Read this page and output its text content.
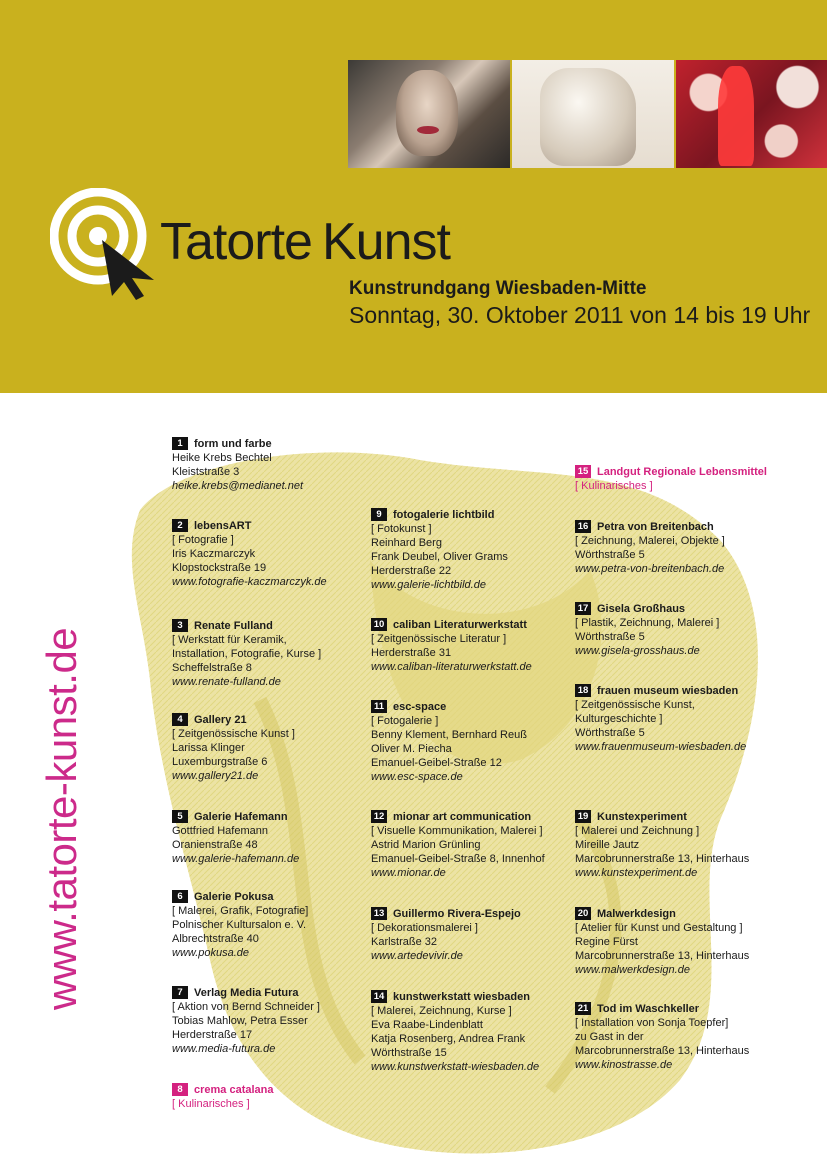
Tatorte Kunst
Kunstrundgang Wiesbaden-Mitte
Sonntag, 30. Oktober 2011 von 14 bis 19 Uhr
www.tatorte-kunst.de
1	form und farbe
Heike Krebs Bechtel
Kleiststraße 3
heike.krebs@medianet.net
2	lebensART
[ Fotografie ]
Iris Kaczmarczyk
Klopstockstraße 19
www.fotografie-kaczmarczyk.de
3	Renate Fulland
[ Werkstatt für Keramik,
Installation, Fotografie, Kurse ]
Scheffelstraße 8
www.renate-fulland.de
4	Gallery 21
[ Zeitgenössische Kunst ]
Larissa Klinger
Luxemburgstraße 6
www.gallery21.de
5	Galerie Hafemann
Gottfried Hafemann
Oranienstraße 48
www.galerie-hafemann.de
6	Galerie Pokusa
[ Malerei, Grafik, Fotografie]
Polnischer Kultursalon e. V.
Albrechtstraße 40
www.pokusa.de
7	Verlag Media Futura
[ Aktion von Bernd Schneider ]
Tobias Mahlow, Petra Esser
Herderstraße 17
www.media-futura.de
8	crema catalana
[ Kulinarisches ]
9	fotogalerie lichtbild
[ Fotokunst ]
Reinhard Berg
Frank Deubel, Oliver Grams
Herderstraße 22
www.galerie-lichtbild.de
10 caliban Literaturwerkstatt
[ Zeitgenössische Literatur ]
Herderstraße 31
www.caliban-literaturwerkstatt.de
11 esc-space
[ Fotogalerie ]
Benny Klement, Bernhard Reuß
Oliver M. Piecha
Emanuel-Geibel-Straße 12
www.esc-space.de
12 mionar art communication
[ Visuelle Kommunikation, Malerei ]
Astrid Marion Grünling
Emanuel-Geibel-Straße 8, Innenhof
www.mionar.de
13 Guillermo Rivera-Espejo
[ Dekorationsmalerei ]
Karlstraße 32
www.artedevivir.de
14 kunstwerkstatt wiesbaden
[ Malerei, Zeichnung, Kurse ]
Eva Raabe-Lindenblatt
Katja Rosenberg, Andrea Frank
Wörthstraße 15
www.kunstwerkstatt-wiesbaden.de
15 Landgut Regionale Lebensmittel
[ Kulinarisches ]
16 Petra von Breitenbach
[ Zeichnung, Malerei, Objekte ]
Wörthstraße 5
www.petra-von-breitenbach.de
17 Gisela Großhaus
[ Plastik, Zeichnung, Malerei ]
Wörthstraße 5
www.gisela-grosshaus.de
18 frauen museum wiesbaden
[ Zeitgenössische Kunst,
Kulturgeschichte ]
Wörthstraße 5
www.frauenmuseum-wiesbaden.de
19 Kunstexperiment
[ Malerei und Zeichnung ]
Mireille Jautz
Marcobrunnerstraße 13, Hinterhaus
www.kunstexperiment.de
20 Malwerkdesign
[ Atelier für Kunst und Gestaltung ]
Regine Fürst
Marcobrunnerstraße 13, Hinterhaus
www.malwerkdesign.de
21 Tod im Waschkeller
[ Installation von Sonja Toepfer]
zu Gast in der
Marcobrunnerstraße 13, Hinterhaus
www.kinostrasse.de
